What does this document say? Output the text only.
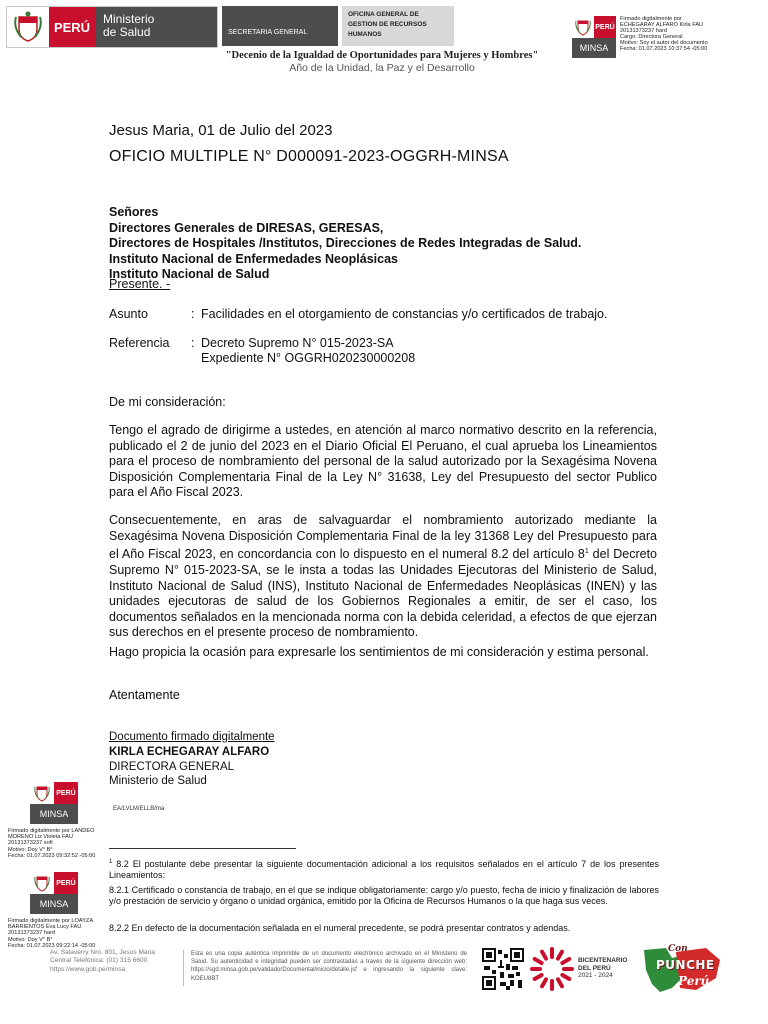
PERÚ
Ministerio
de Salud	SECRETARIA GENERAL
OFICINA GENERAL DE
GESTION DE RECURSOS
HUMANOS
PERÚ
MINSA
Firmado digitalmente por
ECHEGARAY ALFARO Kirla FAU
20131373237 hard
Cargo: Directora General
Motivo: Soy el autor del documento
Fecha: 01.07.2023 10:37:54 -05:00
"Decenio de la Igualdad de Oportunidades para Mujeres y Hombres"
Año de la Unidad, la Paz y el Desarrollo
Jesus Maria, 01 de Julio del 2023
OFICIO MULTIPLE N° D000091-2023-OGGRH-MINSA
Señores
Directores Generales de DIRESAS, GERESAS,
Directores de Hospitales /Institutos, Direcciones de Redes Integradas de Salud.
Instituto Nacional de Enfermedades Neoplásicas
Instituto Nacional de Salud
Presente. -
Asunto	: Facilidades en el otorgamiento de constancias y/o certificados de trabajo.
Referencia : Decreto Supremo N° 015-2023-SA
Expediente N° OGGRH020230000208
De mi consideración:
Tengo el agrado de dirigirme a ustedes, en atención al marco normativo descrito en la referencia, publicado el 2 de junio del 2023 en el Diario Oficial El Peruano, el cual aprueba los Lineamientos para el proceso de nombramiento del personal de la salud autorizado por la Sexagésima Novena Disposición Complementaria Final de la Ley N° 31638, Ley del Presupuesto del sector Publico para el Año Fiscal 2023.
Consecuentemente, en aras de salvaguardar el nombramiento autorizado mediante la Sexagésima Novena Disposición Complementaria Final de la ley 31368 Ley del Presupuesto para el Año Fiscal 2023, en concordancia con lo dispuesto en el numeral 8.2 del artículo $8^1$ del Decreto Supremo N° 015-2023-SA, se le insta a todas las Unidades Ejecutoras del Ministerio de Salud, Instituto Nacional de Salud (INS), Instituto Nacional de Enfermedades Neoplásicas (INEN) y las unidades ejecutoras de salud de los Gobiernos Regionales a emitir, de ser el caso, los documentos señalados en la mencionada norma con la debida celeridad, a efectos de que ejerzan sus derechos en el presente proceso de nombramiento.
Hago propicia la ocasión para expresarle los sentimientos de mi consideración y estima personal.
Atentamente
Documento firmado digitalmente
KIRLA ECHEGARAY ALFARO
DIRECTORA GENERAL
Ministerio de Salud
EA/LVLM/ELLB/ma
PERÚ
MINSA
Firmado digitalmente por LANDEO
MORENO Liz Violeta FAU
20131373237 soft
Motivo: Doy V° B°
Fecha: 01.07.2023 09:32:52 -05:00
PERÚ
MINSA
Firmado digitalmente por LOAYZA
BARRIENTOS Eva Lucy FAU
20131373237 hard
Motivo: Doy V° B°
Fecha: 01.07.2023 09:22:14 -05:00
$^1$ 8.2 El postulante debe presentar la siguiente documentación adicional a los requisitos señalados en el artículo 7 de los presentes Lineamientos:
8.2.1 Certificado o constancia de trabajo, en el que se indique obligatoriamente: cargo y/o puesto, fecha de inicio y finalización de labores y/o prestación de servicio y órgano o unidad orgánica, emitido por la Oficina de Recursos Humanos o la que haga sus veces.
8.2.2 En defecto de la documentación señalada en el numeral precedente, se podrá presentar contratos y adendas.
Av. Salaverry Nro. 801, Jesus Maria
Central Telefónica: (01) 315 6600
https://www.gob.pe/minsa
Esta es una copia auténtica imprimible de un documento electrónico archivado en el Ministerio de Salud. Su autenticidad e integridad pueden ser contrastadas a través de la siguiente dirección web: https://sgd.minsa.gob.pe/validadorDocumental/inicio/detalle.jsf e ingresando la siguiente clave: KOEU8BT
BICENTENARIO
DEL PERÚ
2021 - 2024
Con
PUNCHE
Perú
